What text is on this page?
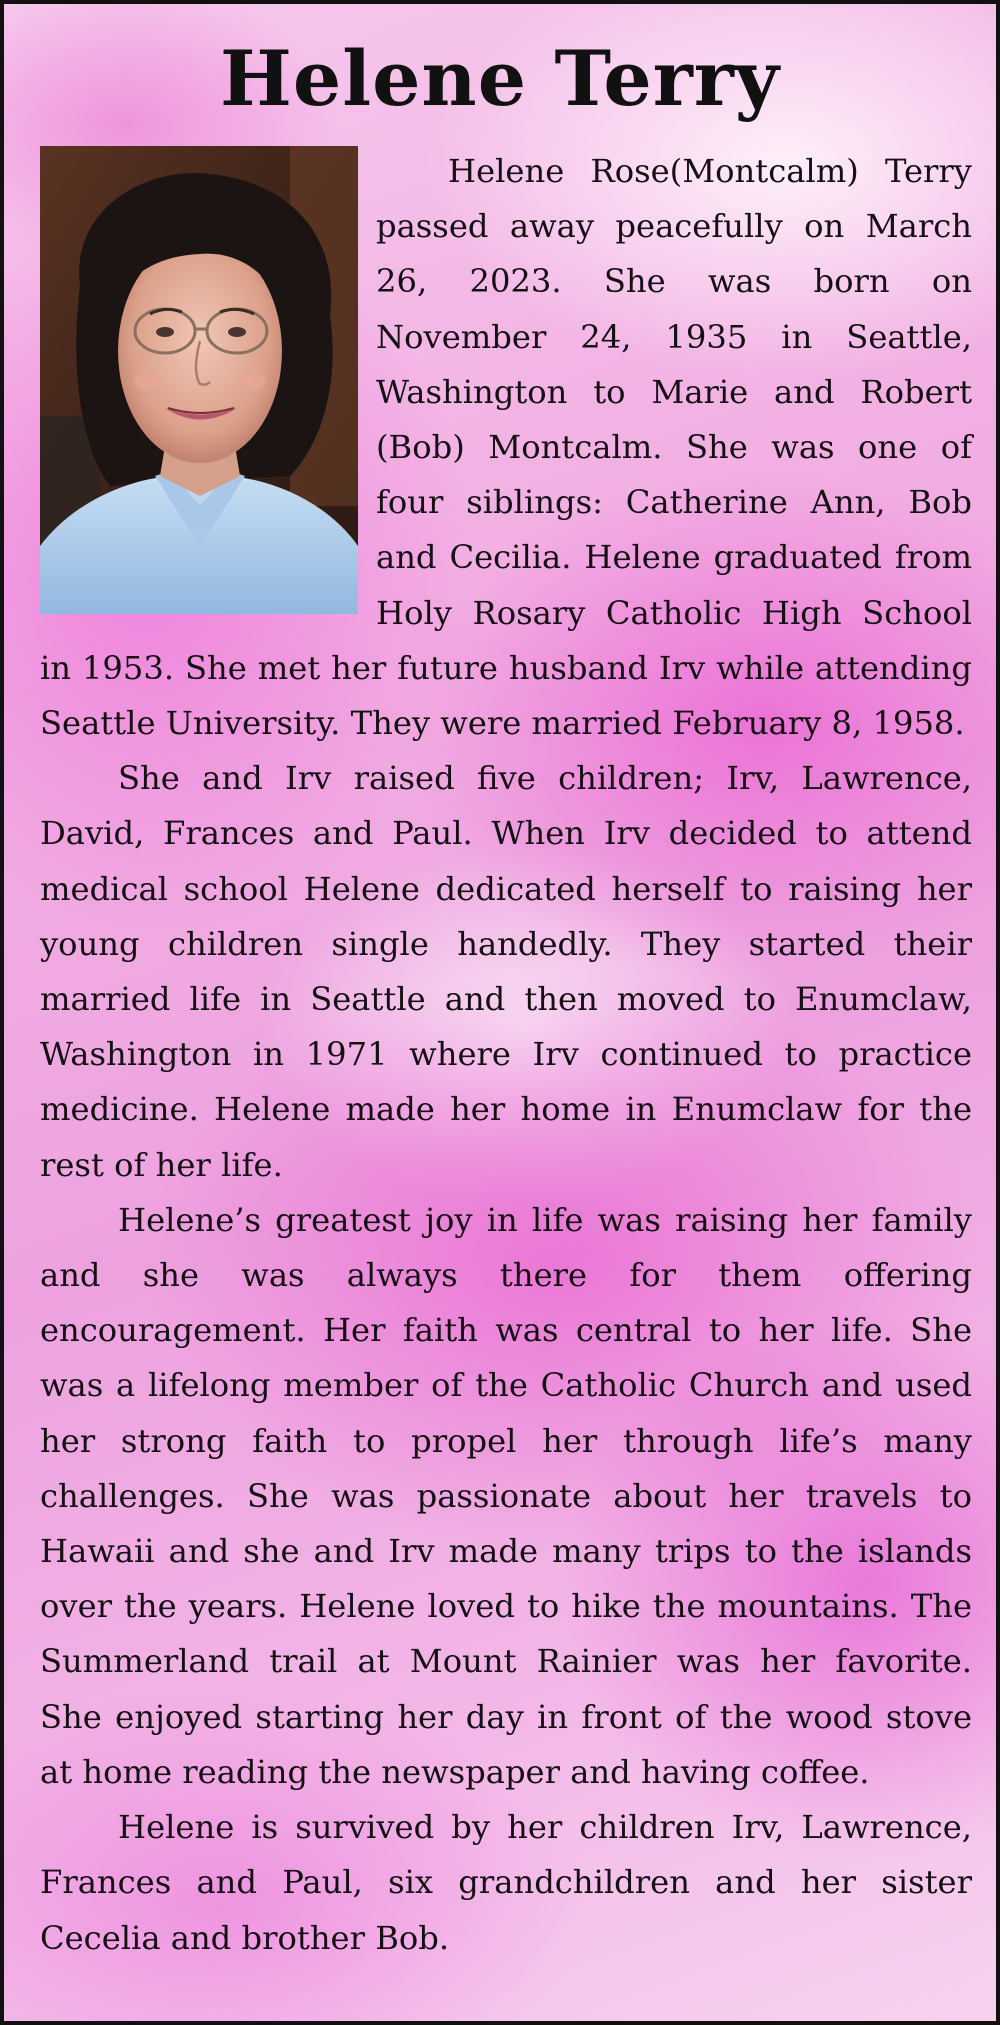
Helene Terry

Helene Rose(Montcalm) Terry passed away peacefully on March 26, 2023. She was born on November 24, 1935 in Seattle, Washington to Marie and Robert (Bob) Montcalm. She was one of four siblings: Catherine Ann, Bob and Cecilia. Helene graduated from Holy Rosary Catholic High School in 1953. She met her future husband Irv while attending Seattle University. They were married February 8, 1958.

She and Irv raised five children; Irv, Lawrence, David, Frances and Paul. When Irv decided to attend medical school Helene dedicated herself to raising her young children single handedly. They started their married life in Seattle and then moved to Enumclaw, Washington in 1971 where Irv continued to practice medicine. Helene made her home in Enumclaw for the rest of her life.

Helene’s greatest joy in life was raising her family and she was always there for them offering encouragement. Her faith was central to her life. She was a lifelong member of the Catholic Church and used her strong faith to propel her through life’s many challenges. She was passionate about her travels to Hawaii and she and Irv made many trips to the islands over the years. Helene loved to hike the mountains. The Summerland trail at Mount Rainier was her favorite. She enjoyed starting her day in front of the wood stove at home reading the newspaper and having coffee.

Helene is survived by her children Irv, Lawrence, Frances and Paul, six grandchildren and her sister Cecelia and brother Bob.
